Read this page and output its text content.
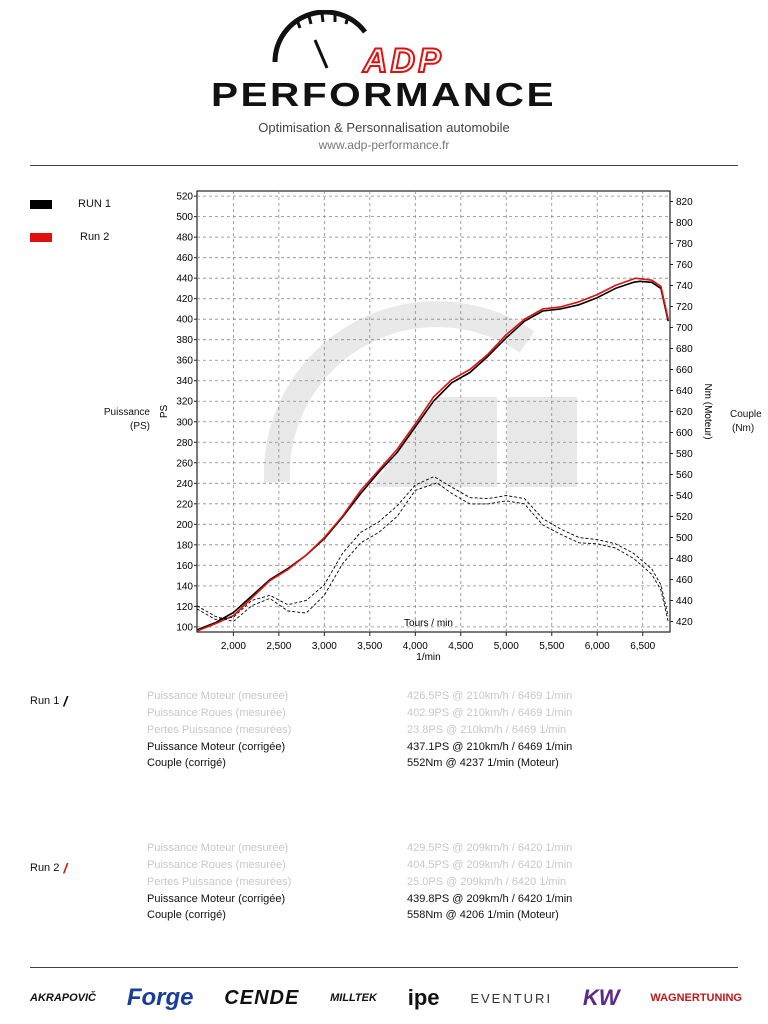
ADP
PERFORMANCE
Optimisation & Personnalisation automobile
www.adp-performance.fr
RUN 1
Run 2
Puissance
(PS)
Couple
(Nm)
2,000 2,500 3,000 3,500 4,000 4,500 5,000 5,500 6,000 6,500
100
120
140
160
180
200
220
240
260
280
300
320
340
360
380
400
420
440
460
480
500
520
420
440
460
480
500
520
540
560
580
600
620
640
660
680
700
720
740
760
780
800
820
PS	Nm (Moteur)
Tours / min
1/min
Run 1 /
Run 2 /
Puissance Moteur (mesurée)	426.5PS @ 210km/h / 6469 1/min
Puissance Roues (mesurée)	402.9PS @ 210km/h / 6469 1/min
Pertes Puissance (mesurées)	23.8PS @ 210km/h / 6469 1/min
Puissance Moteur (corrigée)	437.1PS @ 210km/h / 6469 1/min
Couple (corrigé)	552Nm @ 4237 1/min (Moteur)
Puissance Moteur (mesurée)	429.5PS @ 209km/h / 6420 1/min
Puissance Roues (mesurée)	404.5PS @ 209km/h / 6420 1/min
Pertes Puissance (mesurées)	25.0PS @ 209km/h / 6420 1/min
Puissance Moteur (corrigée)	439.8PS @ 209km/h / 6420 1/min
Couple (corrigé)	558Nm @ 4206 1/min (Moteur)
AKRAPOVIČ Forge CENDE	MILLTEK ipe EVENTURI KW	WAGNERTUNING
